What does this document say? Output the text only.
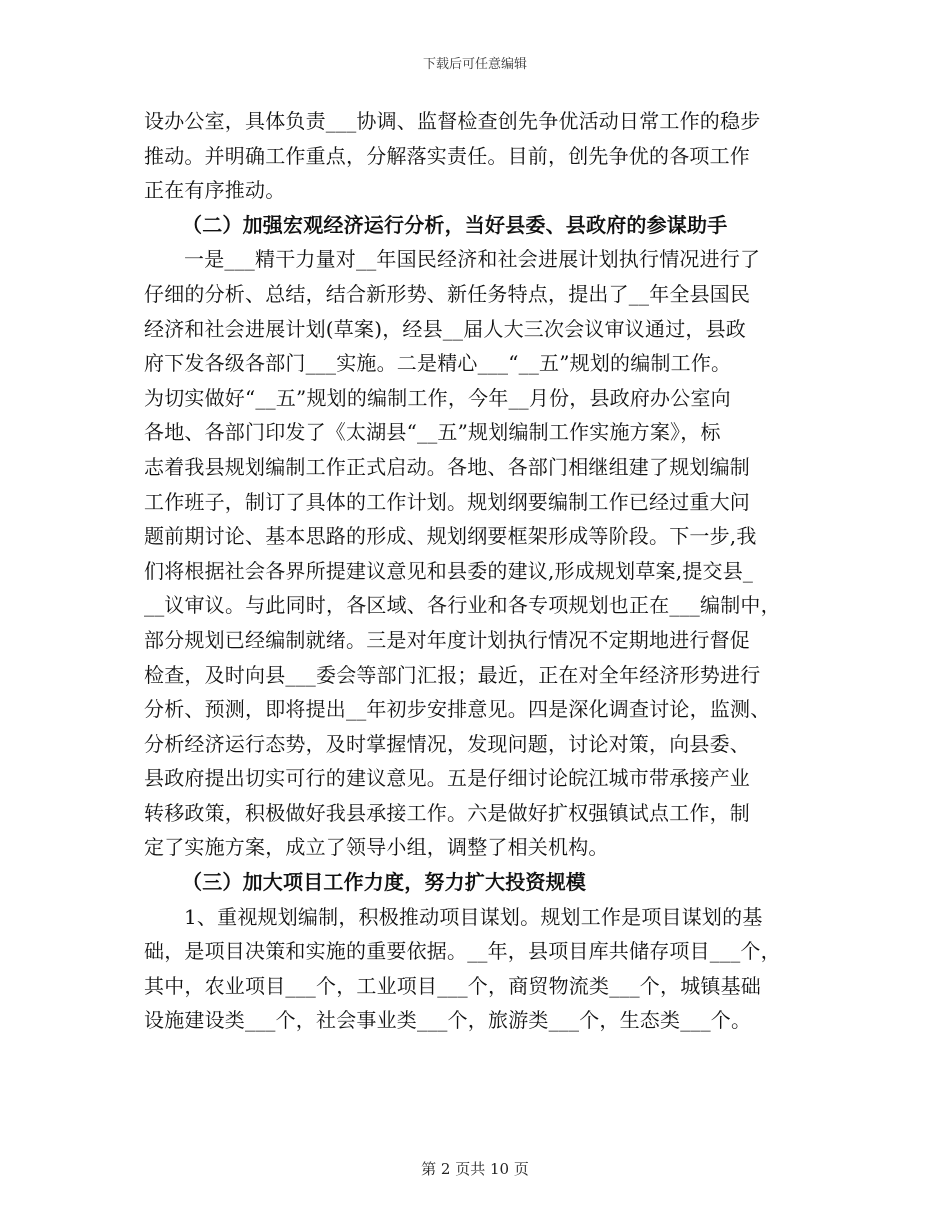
下载后可任意编辑
设办公室，具体负责___协调、监督检查创先争优活动日常工作的稳步
推动。并明确工作重点，分解落实责任。目前，创先争优的各项工作
正在有序推动。
（二）加强宏观经济运行分析，当好县委、县政府的参谋助手
一是___精干力量对__年国民经济和社会进展计划执行情况进行了
仔细的分析、总结，结合新形势、新任务特点，提出了__年全县国民
经济和社会进展计划(草案)，经县__届人大三次会议审议通过，县政
府下发各级各部门___实施。二是精心___“__五”规划的编制工作。
为切实做好“__五”规划的编制工作，今年__月份，县政府办公室向
各地、各部门印发了《太湖县“__五”规划编制工作实施方案》，标
志着我县规划编制工作正式启动。各地、各部门相继组建了规划编制
工作班子，制订了具体的工作计划。规划纲要编制工作已经过重大问
题前期讨论、基本思路的形成、规划纲要框架形成等阶段。下一步,我
们将根据社会各界所提建议意见和县委的建议,形成规划草案,提交县_
__议审议。与此同时，各区域、各行业和各专项规划也正在___编制中，
部分规划已经编制就绪。三是对年度计划执行情况不定期地进行督促
检查，及时向县___委会等部门汇报；最近，正在对全年经济形势进行
分析、预测，即将提出__年初步安排意见。四是深化调查讨论，监测、
分析经济运行态势，及时掌握情况，发现问题，讨论对策，向县委、
县政府提出切实可行的建议意见。五是仔细讨论皖江城市带承接产业
转移政策，积极做好我县承接工作。六是做好扩权强镇试点工作，制
定了实施方案，成立了领导小组，调整了相关机构。
（三）加大项目工作力度，努力扩大投资规模
1、重视规划编制，积极推动项目谋划。规划工作是项目谋划的基
础，是项目决策和实施的重要依据。__年，县项目库共储存项目___个，
其中，农业项目___个，工业项目___个，商贸物流类___个，城镇基础
设施建设类___个，社会事业类___个，旅游类___个，生态类___个。
第 2 页共 10 页
